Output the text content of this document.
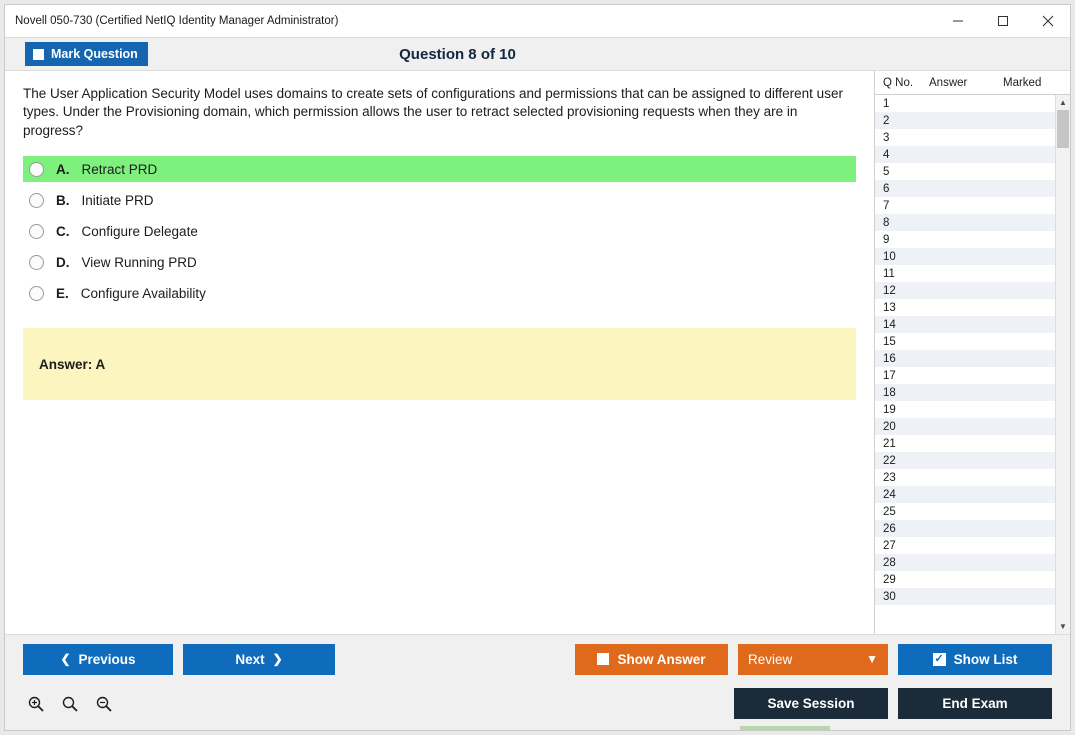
Novell 050-730 (Certified NetIQ Identity Manager Administrator)
Mark Question	Question 8 of 10
The User Application Security Model uses domains to create sets of configurations and permissions that can be assigned to different user types. Under the Provisioning domain, which permission allows the user to retract selected provisioning requests when they are in progress?
A. Retract PRD
B. Initiate PRD
C. Configure Delegate
D. View Running PRD
E. Configure Availability
Answer: A
Q No.	Answer	Marked
1
2
3
4
5
6
7
8
9
10
11
12
13
14
15
16
17
18
19
20
21
22
23
24
25
26
27
28
29
30
▲
▼
❮ Previous	Next ❯	Show Answer	Review	▼	✓ Show List
Save Session	End Exam
